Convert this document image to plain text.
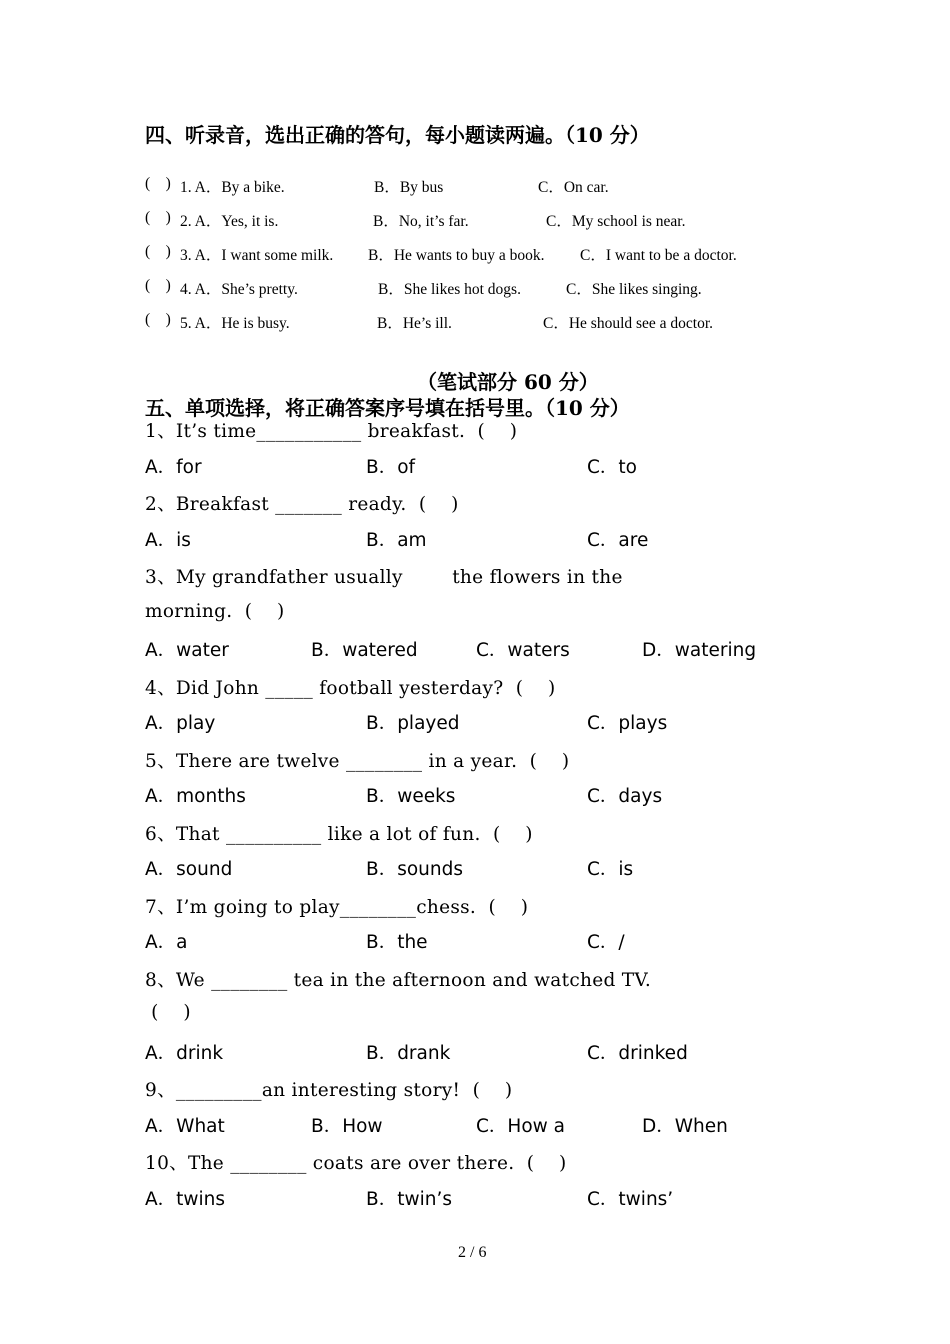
四、听录音，选出正确的答句，每小题读两遍。（10 分）
(    ) 1. A．By a bike.	B．By bus	C．On car.
(    ) 2. A．Yes, it is.	B．No, it’s far.	C．My school is near.
(    ) 3. A．I want some milk. B．He wants to buy a book. C．I want to be a doctor.
(    ) 4. A．She’s pretty.	B．She likes hot dogs.	C．She likes singing.
(    ) 5. A．He is busy.	B．He’s ill.	C．He should see a doctor.
（笔试部分 60 分）
五、单项选择，将正确答案序号填在括号里。（10 分）
1、It’s time___________ breakfast.  (    )
A．for	B．of	C．to
2、Breakfast _______ ready.  (    )
A．is	B．am	C．are
3、My grandfather usually        the flowers in the
morning.  (    )
A．water	B．watered	C．waters	D．watering
4、Did John _____ football yesterday?  (    )
A．play	B．played	C．plays
5、There are twelve ________ in a year.  (    )
A．months	B．weeks	C．days
6、That __________ like a lot of fun.  (    )
A．sound	B．sounds	C．is
7、I’m going to play________chess.  (    )
A．a	B．the	C．/
8、We ________ tea in the afternoon and watched TV.
(    )
A．drink	B．drank	C．drinked
9、_________an interesting story!  (    )
A．What	B．How	C．How a	D．When
10、The ________ coats are over there.  (    )
A．twins	B．twin’s	C．twins’
2 / 6
